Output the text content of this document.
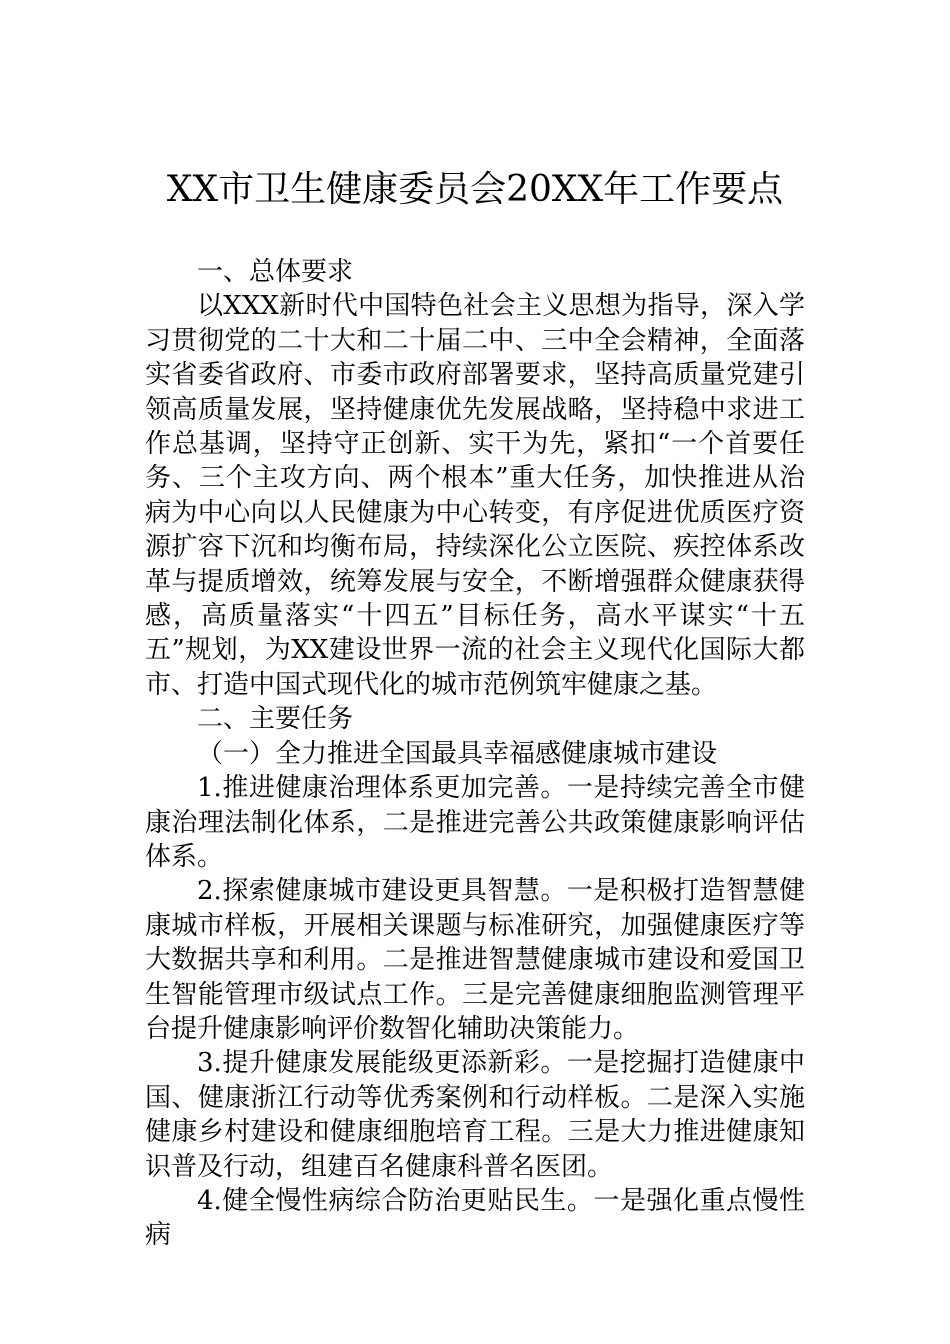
XX市卫生健康委员会20XX年工作要点

一、总体要求

以XXX新时代中国特色社会主义思想为指导，深入学习贯彻党的二十大和二十届二中、三中全会精神，全面落实省委省政府、市委市政府部署要求，坚持高质量党建引领高质量发展，坚持健康优先发展战略，坚持稳中求进工作总基调，坚持守正创新、实干为先，紧扣“一个首要任务、三个主攻方向、两个根本”重大任务，加快推进从治病为中心向以人民健康为中心转变，有序促进优质医疗资源扩容下沉和均衡布局，持续深化公立医院、疾控体系改革与提质增效，统筹发展与安全，不断增强群众健康获得感，高质量落实“十四五”目标任务，高水平谋实“十五五”规划，为XX建设世界一流的社会主义现代化国际大都市、打造中国式现代化的城市范例筑牢健康之基。

二、主要任务

（一）全力推进全国最具幸福感健康城市建设

1.推进健康治理体系更加完善。一是持续完善全市健康治理法制化体系，二是推进完善公共政策健康影响评估体系。

2.探索健康城市建设更具智慧。一是积极打造智慧健康城市样板，开展相关课题与标准研究，加强健康医疗等大数据共享和利用。二是推进智慧健康城市建设和爱国卫生智能管理市级试点工作。三是完善健康细胞监测管理平台提升健康影响评价数智化辅助决策能力。

3.提升健康发展能级更添新彩。一是挖掘打造健康中国、健康浙江行动等优秀案例和行动样板。二是深入实施健康乡村建设和健康细胞培育工程。三是大力推进健康知识普及行动，组建百名健康科普名医团。

4.健全慢性病综合防治更贴民生。一是强化重点慢性病
